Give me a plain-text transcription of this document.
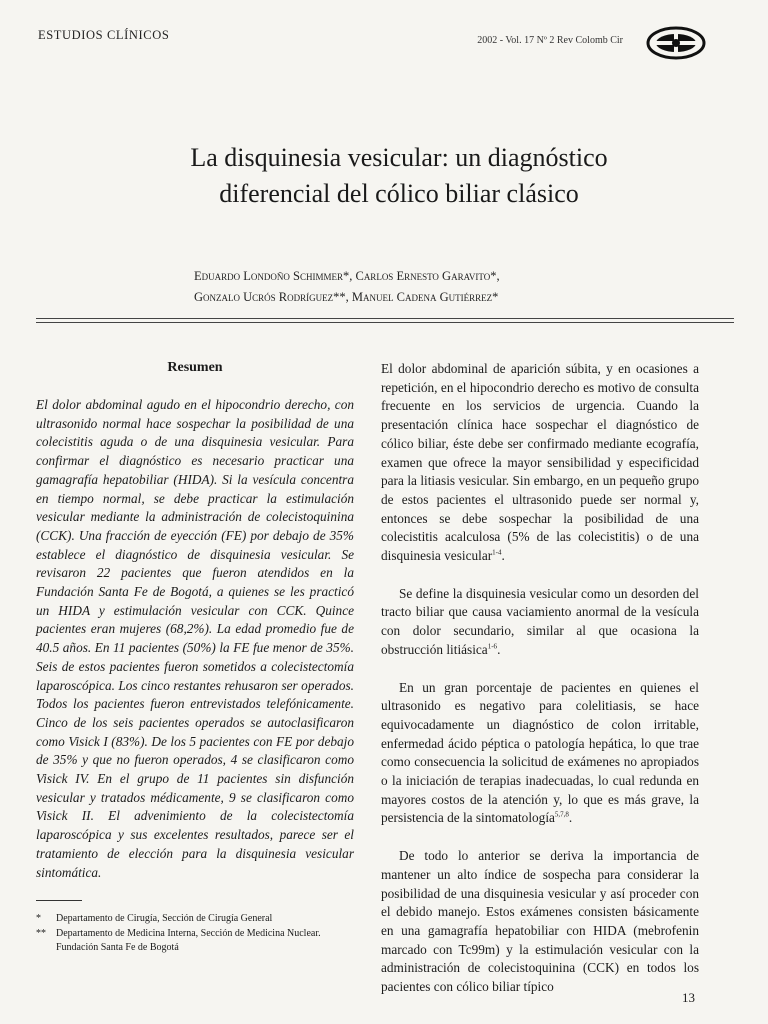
ESTUDIOS CLÍNICOS	2002 - Vol. 17 Nº 2 Rev Colomb Cir
La disquinesia vesicular: un diagnóstico
diferencial del cólico biliar clásico
Eduardo Londoño Schimmer*, Carlos Ernesto Garavito*,
Gonzalo Ucrós Rodríguez**, Manuel Cadena Gutiérrez*
Resumen

El dolor abdominal agudo en el hipocondrio derecho, con ultrasonido normal hace sospechar la posibilidad de una colecistitis aguda o de una disquinesia vesicular. Para confirmar el diagnóstico es necesario practicar una gamagrafía hepatobiliar (HIDA). Si la vesícula concentra en tiempo normal, se debe practicar la estimulación vesicular mediante la administración de colecistoquinina (CCK). Una fracción de eyección (FE) por debajo de 35% establece el diagnóstico de disquinesia vesicular. Se revisaron 22 pacientes que fueron atendidos en la Fundación Santa Fe de Bogotá, a quienes se les practicó un HIDA y estimulación vesicular con CCK. Quince pacientes eran mujeres (68,2%). La edad promedio fue de 40.5 años. En 11 pacientes (50%) la FE fue menor de 35%. Seis de estos pacientes fueron sometidos a colecistectomía laparoscópica. Los cinco restantes rehusaron ser operados. Todos los pacientes fueron entrevistados telefónicamente. Cinco de los seis pacientes operados se autoclasificaron como Visick I (83%). De los 5 pacientes con FE por debajo de 35% y que no fueron operados, 4 se clasificaron como Visick IV. En el grupo de 11 pacientes sin disfunción vesicular y tratados médicamente, 9 se clasificaron como Visick II. El advenimiento de la colecistectomía laparoscópica y sus excelentes resultados, parece ser el tratamiento de elección para la disquinesia vesicular sintomática.

El dolor abdominal de aparición súbita, y en ocasiones a repetición, en el hipocondrio derecho es motivo de consulta frecuente en los servicios de urgencia. Cuando la presentación clínica hace sospechar el diagnóstico de cólico biliar, éste debe ser confirmado mediante ecografía, examen que ofrece la mayor sensibilidad y especificidad para la litiasis vesicular. Sin embargo, en un pequeño grupo de estos pacientes el ultrasonido puede ser normal y, entonces se debe sospechar la posibilidad de una colecistitis acalculosa (5% de las colecistitis) o de una disquinesia vesicular$^{1-4}$.

Se define la disquinesia vesicular como un desorden del tracto biliar que causa vaciamiento anormal de la vesícula con dolor secundario, similar al que ocasiona la obstrucción litiásica$^{1-6}$.

En un gran porcentaje de pacientes en quienes el ultrasonido es negativo para colelitiasis, se hace equivocadamente un diagnóstico de colon irritable, enfermedad ácido péptica o patología hepática, lo que trae como consecuencia la solicitud de exámenes no apropiados o la iniciación de terapias inadecuadas, lo cual redunda en mayores costos de la atención y, lo que es más grave, la persistencia de la sintomatología$^{5,7,8}$.

De todo lo anterior se deriva la importancia de mantener un alto índice de sospecha para considerar la posibilidad de una disquinesia vesicular y así proceder con el debido manejo. Estos exámenes consisten básicamente en una gamagrafía hepatobiliar con HIDA (mebrofenin marcado con Tc99m) y la estimulación vesicular con la administración de colecistoquinina (CCK) en todos los pacientes con cólico biliar típico

* Departamento de Cirugía, Sección de Cirugía General
** Departamento de Medicina Interna, Sección de Medicina Nuclear. Fundación Santa Fe de Bogotá
13
